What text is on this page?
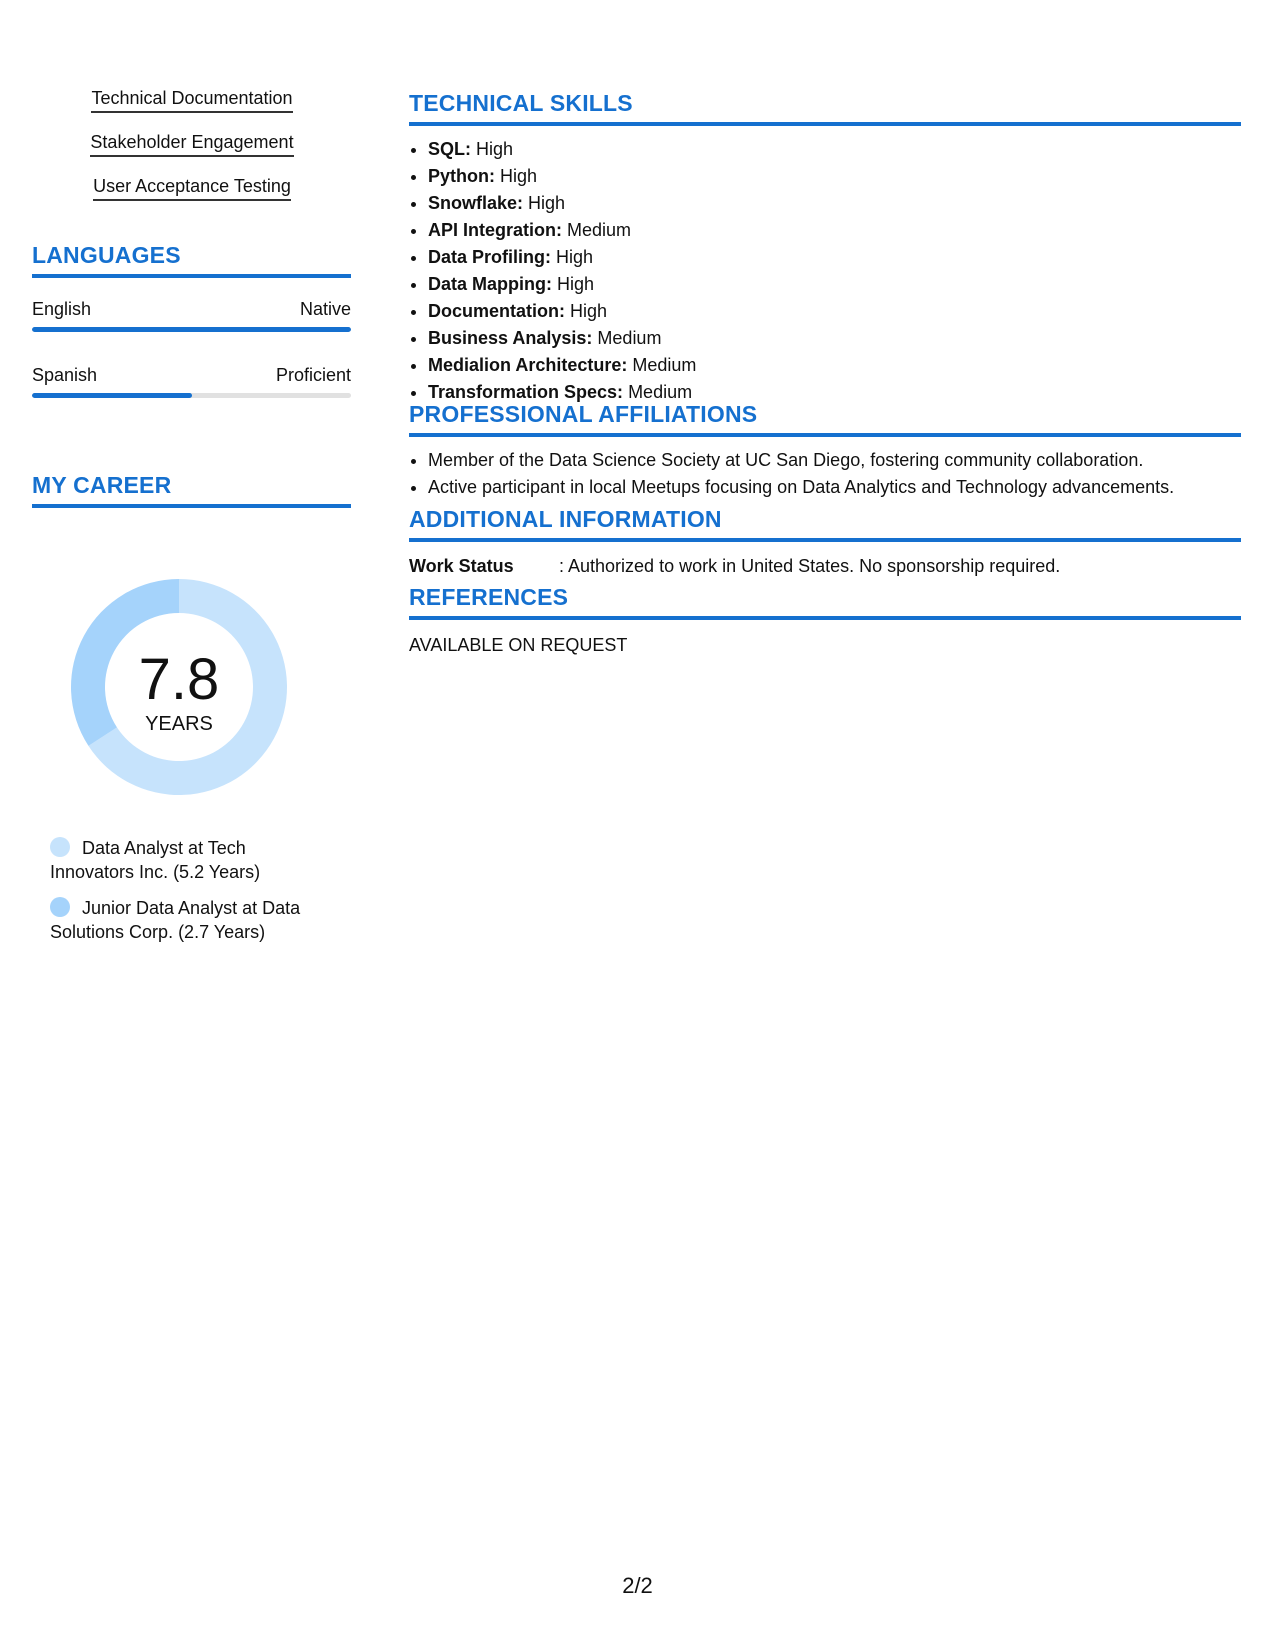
Technical Documentation
Stakeholder Engagement
User Acceptance Testing
LANGUAGES
English	Native
Spanish	Proficient
MY CAREER
7.8
YEARS
Data Analyst at Tech Innovators Inc. (5.2 Years)
Junior Data Analyst at Data Solutions Corp. (2.7 Years)
TECHNICAL SKILLS
• SQL: High
• Python: High
• Snowflake: High
• API Integration: Medium
• Data Profiling: High
• Data Mapping: High
• Documentation: High
• Business Analysis: Medium
• Medialion Architecture: Medium
• Transformation Specs: Medium
PROFESSIONAL AFFILIATIONS
• Member of the Data Science Society at UC San Diego, fostering community collaboration.
• Active participant in local Meetups focusing on Data Analytics and Technology advancements.
ADDITIONAL INFORMATION
Work Status	: Authorized to work in United States. No sponsorship required.
REFERENCES
AVAILABLE ON REQUEST
2/2
